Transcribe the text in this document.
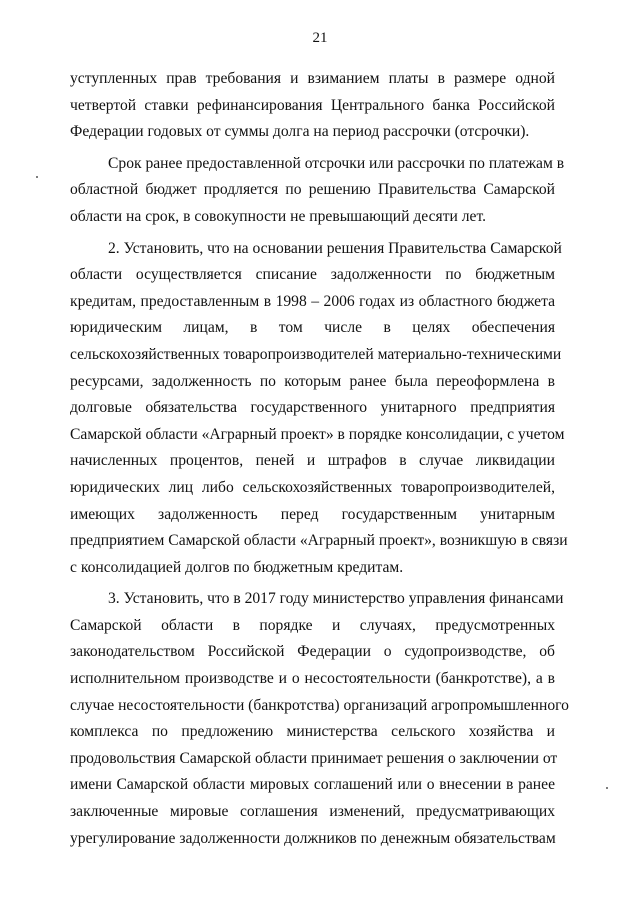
21
уступленных прав требования и взиманием платы в размере одной
четвертой ставки рефинансирования Центрального банка Российской
Федерации годовых от суммы долга на период рассрочки (отсрочки).
Срок ранее предоставленной отсрочки или рассрочки по платежам в
областной бюджет продляется по решению Правительства Самарской
области на срок, в совокупности не превышающий десяти лет.
2. Установить, что на основании решения Правительства Самарской
области осуществляется списание задолженности по бюджетным
кредитам, предоставленным в 1998 – 2006 годах из областного бюджета
юридическим лицам, в том числе в целях обеспечения
сельскохозяйственных товаропроизводителей материально-техническими
ресурсами, задолженность по которым ранее была переоформлена в
долговые обязательства государственного унитарного предприятия
Самарской области «Аграрный проект» в порядке консолидации, с учетом
начисленных процентов, пеней и штрафов в случае ликвидации
юридических лиц либо сельскохозяйственных товаропроизводителей,
имеющих задолженность перед государственным унитарным
предприятием Самарской области «Аграрный проект», возникшую в связи
с консолидацией долгов по бюджетным кредитам.
3. Установить, что в 2017 году министерство управления финансами
Самарской области в порядке и случаях, предусмотренных
законодательством Российской Федерации о судопроизводстве, об
исполнительном производстве и о несостоятельности (банкротстве), а в
случае несостоятельности (банкротства) организаций агропромышленного
комплекса по предложению министерства сельского хозяйства и
продовольствия Самарской области принимает решения о заключении от
имени Самарской области мировых соглашений или о внесении в ранее
заключенные мировые соглашения изменений, предусматривающих
урегулирование задолженности должников по денежным обязательствам
